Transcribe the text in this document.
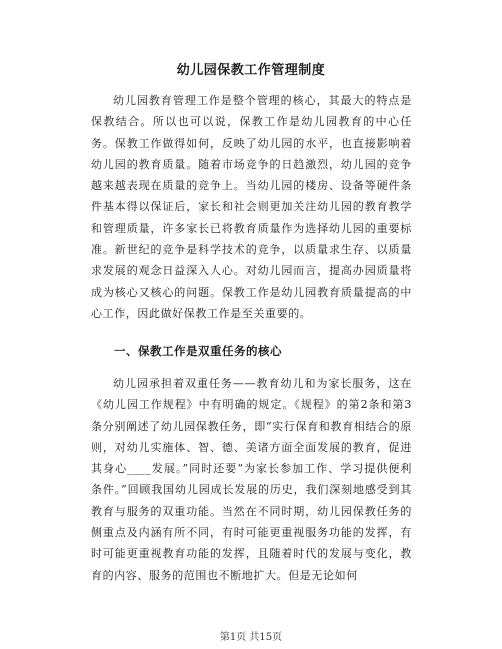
幼儿园保教工作管理制度

幼儿园教育管理工作是整个管理的核心，其最大的特点是保教结合。所以也可以说，保教工作是幼儿园教育的中心任务。保教工作做得如何，反映了幼儿园的水平，也直接影响着幼儿园的教育质量。随着市场竞争的日趋激烈，幼儿园的竞争越来越表现在质量的竞争上。当幼儿园的楼房、设备等硬件条件基本得以保证后，家长和社会则更加关注幼儿园的教育教学和管理质量，许多家长已将教育质量作为选择幼儿园的重要标准。新世纪的竞争是科学技术的竞争，以质量求生存、以质量求发展的观念日益深入人心。对幼儿园而言，提高办园质量将成为核心又核心的问题。保教工作是幼儿园教育质量提高的中心工作，因此做好保教工作是至关重要的。

一、保教工作是双重任务的核心

幼儿园承担着双重任务——教育幼儿和为家长服务，这在《幼儿园工作规程》中有明确的规定。《规程》的第2条和第3条分别阐述了幼儿园保教任务，即“实行保育和教育相结合的原则，对幼儿实施体、智、德、美诸方面全面发展的教育，促进其身心____发展。”同时还要“为家长参加工作、学习提供便利条件。”回顾我国幼儿园成长发展的历史，我们深刻地感受到其教育与服务的双重功能。当然在不同时期，幼儿园保教任务的侧重点及内涵有所不同，有时可能更重视服务功能的发挥，有时可能更重视教育功能的发挥，且随着时代的发展与变化，教育的内容、服务的范围也不断地扩大。但是无论如何

第1页 共15页
